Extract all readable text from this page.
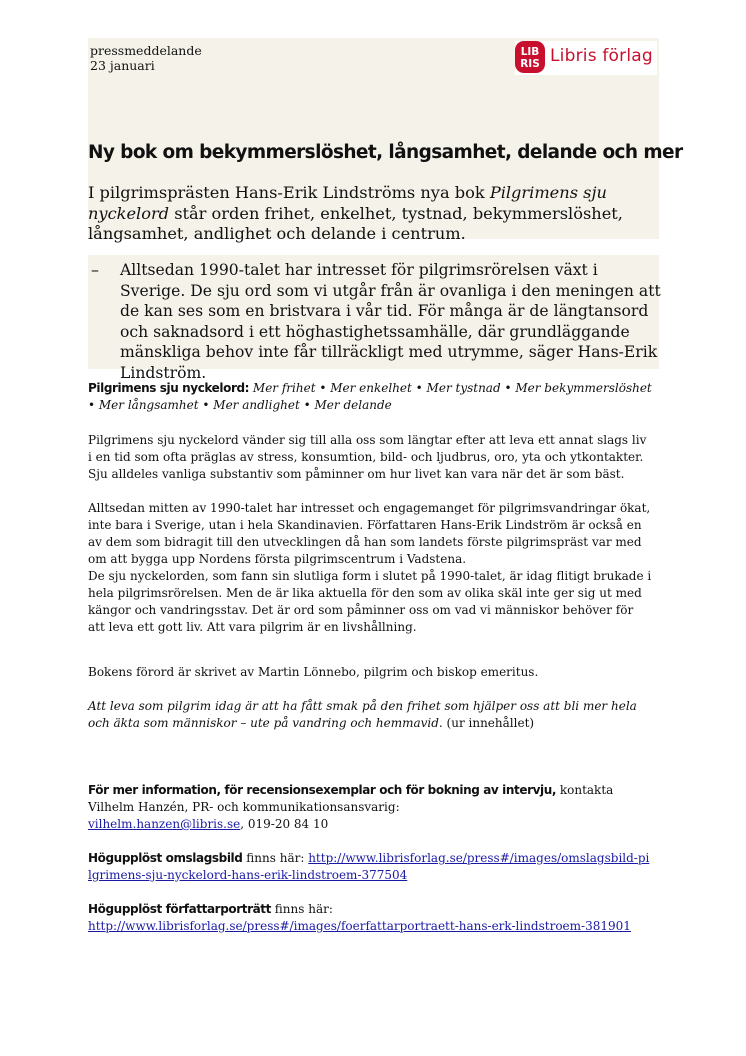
pressmeddelande
23 januari
LIB
RIS Libris förlag
Ny bok om bekymmerslöshet, långsamhet, delande och mer

I pilgrimsprästen Hans-Erik Lindströms nya bok Pilgrimens sju nyckelord står orden frihet, enkelhet, tystnad, bekymmerslöshet, långsamhet, andlighet och delande i centrum.

– Alltsedan 1990-talet har intresset för pilgrimsrörelsen växt i Sverige. De sju ord som vi utgår från är ovanliga i den meningen att de kan ses som en bristvara i vår tid. För många är de längtansord och saknadsord i ett höghastighetssamhälle, där grundläggande mänskliga behov inte får tillräckligt med utrymme, säger Hans-Erik Lindström.

Pilgrimens sju nyckelord: Mer frihet • Mer enkelhet • Mer tystnad • Mer bekymmerslöshet • Mer långsamhet • Mer andlighet • Mer delande

Pilgrimens sju nyckelord vänder sig till alla oss som längtar efter att leva ett annat slags liv i en tid som ofta präglas av stress, konsumtion, bild- och ljudbrus, oro, yta och ytkontakter. Sju alldeles vanliga substantiv som påminner om hur livet kan vara när det är som bäst.

Alltsedan mitten av 1990-talet har intresset och engagemanget för pilgrimsvandringar ökat, inte bara i Sverige, utan i hela Skandinavien. Författaren Hans-Erik Lindström är också en av dem som bidragit till den utvecklingen då han som landets förste pilgrimspräst var med om att bygga upp Nordens första pilgrimscentrum i Vadstena.

De sju nyckelorden, som fann sin slutliga form i slutet på 1990-talet, är idag flitigt brukade i hela pilgrimsrörelsen. Men de är lika aktuella för den som av olika skäl inte ger sig ut med kängor och vandringsstav. Det är ord som påminner oss om vad vi människor behöver för att leva ett gott liv. Att vara pilgrim är en livshållning.

Bokens förord är skrivet av Martin Lönnebo, pilgrim och biskop emeritus.

Att leva som pilgrim idag är att ha fått smak på den frihet som hjälper oss att bli mer hela och äkta som människor – ute på vandring och hemmavid. (ur innehållet)

För mer information, för recensionsexemplar och för bokning av intervju, kontakta Vilhelm Hanzén, PR- och kommunikationsansvarig:
vilhelm.hanzen@libris.se, 019-20 84 10

Högupplöst omslagsbild finns här: http://www.librisforlag.se/press#/images/omslagsbild-pilgrimens-sju-nyckelord-hans-erik-lindstroem-377504

Högupplöst författarporträtt finns här:
http://www.librisforlag.se/press#/images/foerfattarportraett-hans-erk-lindstroem-381901
